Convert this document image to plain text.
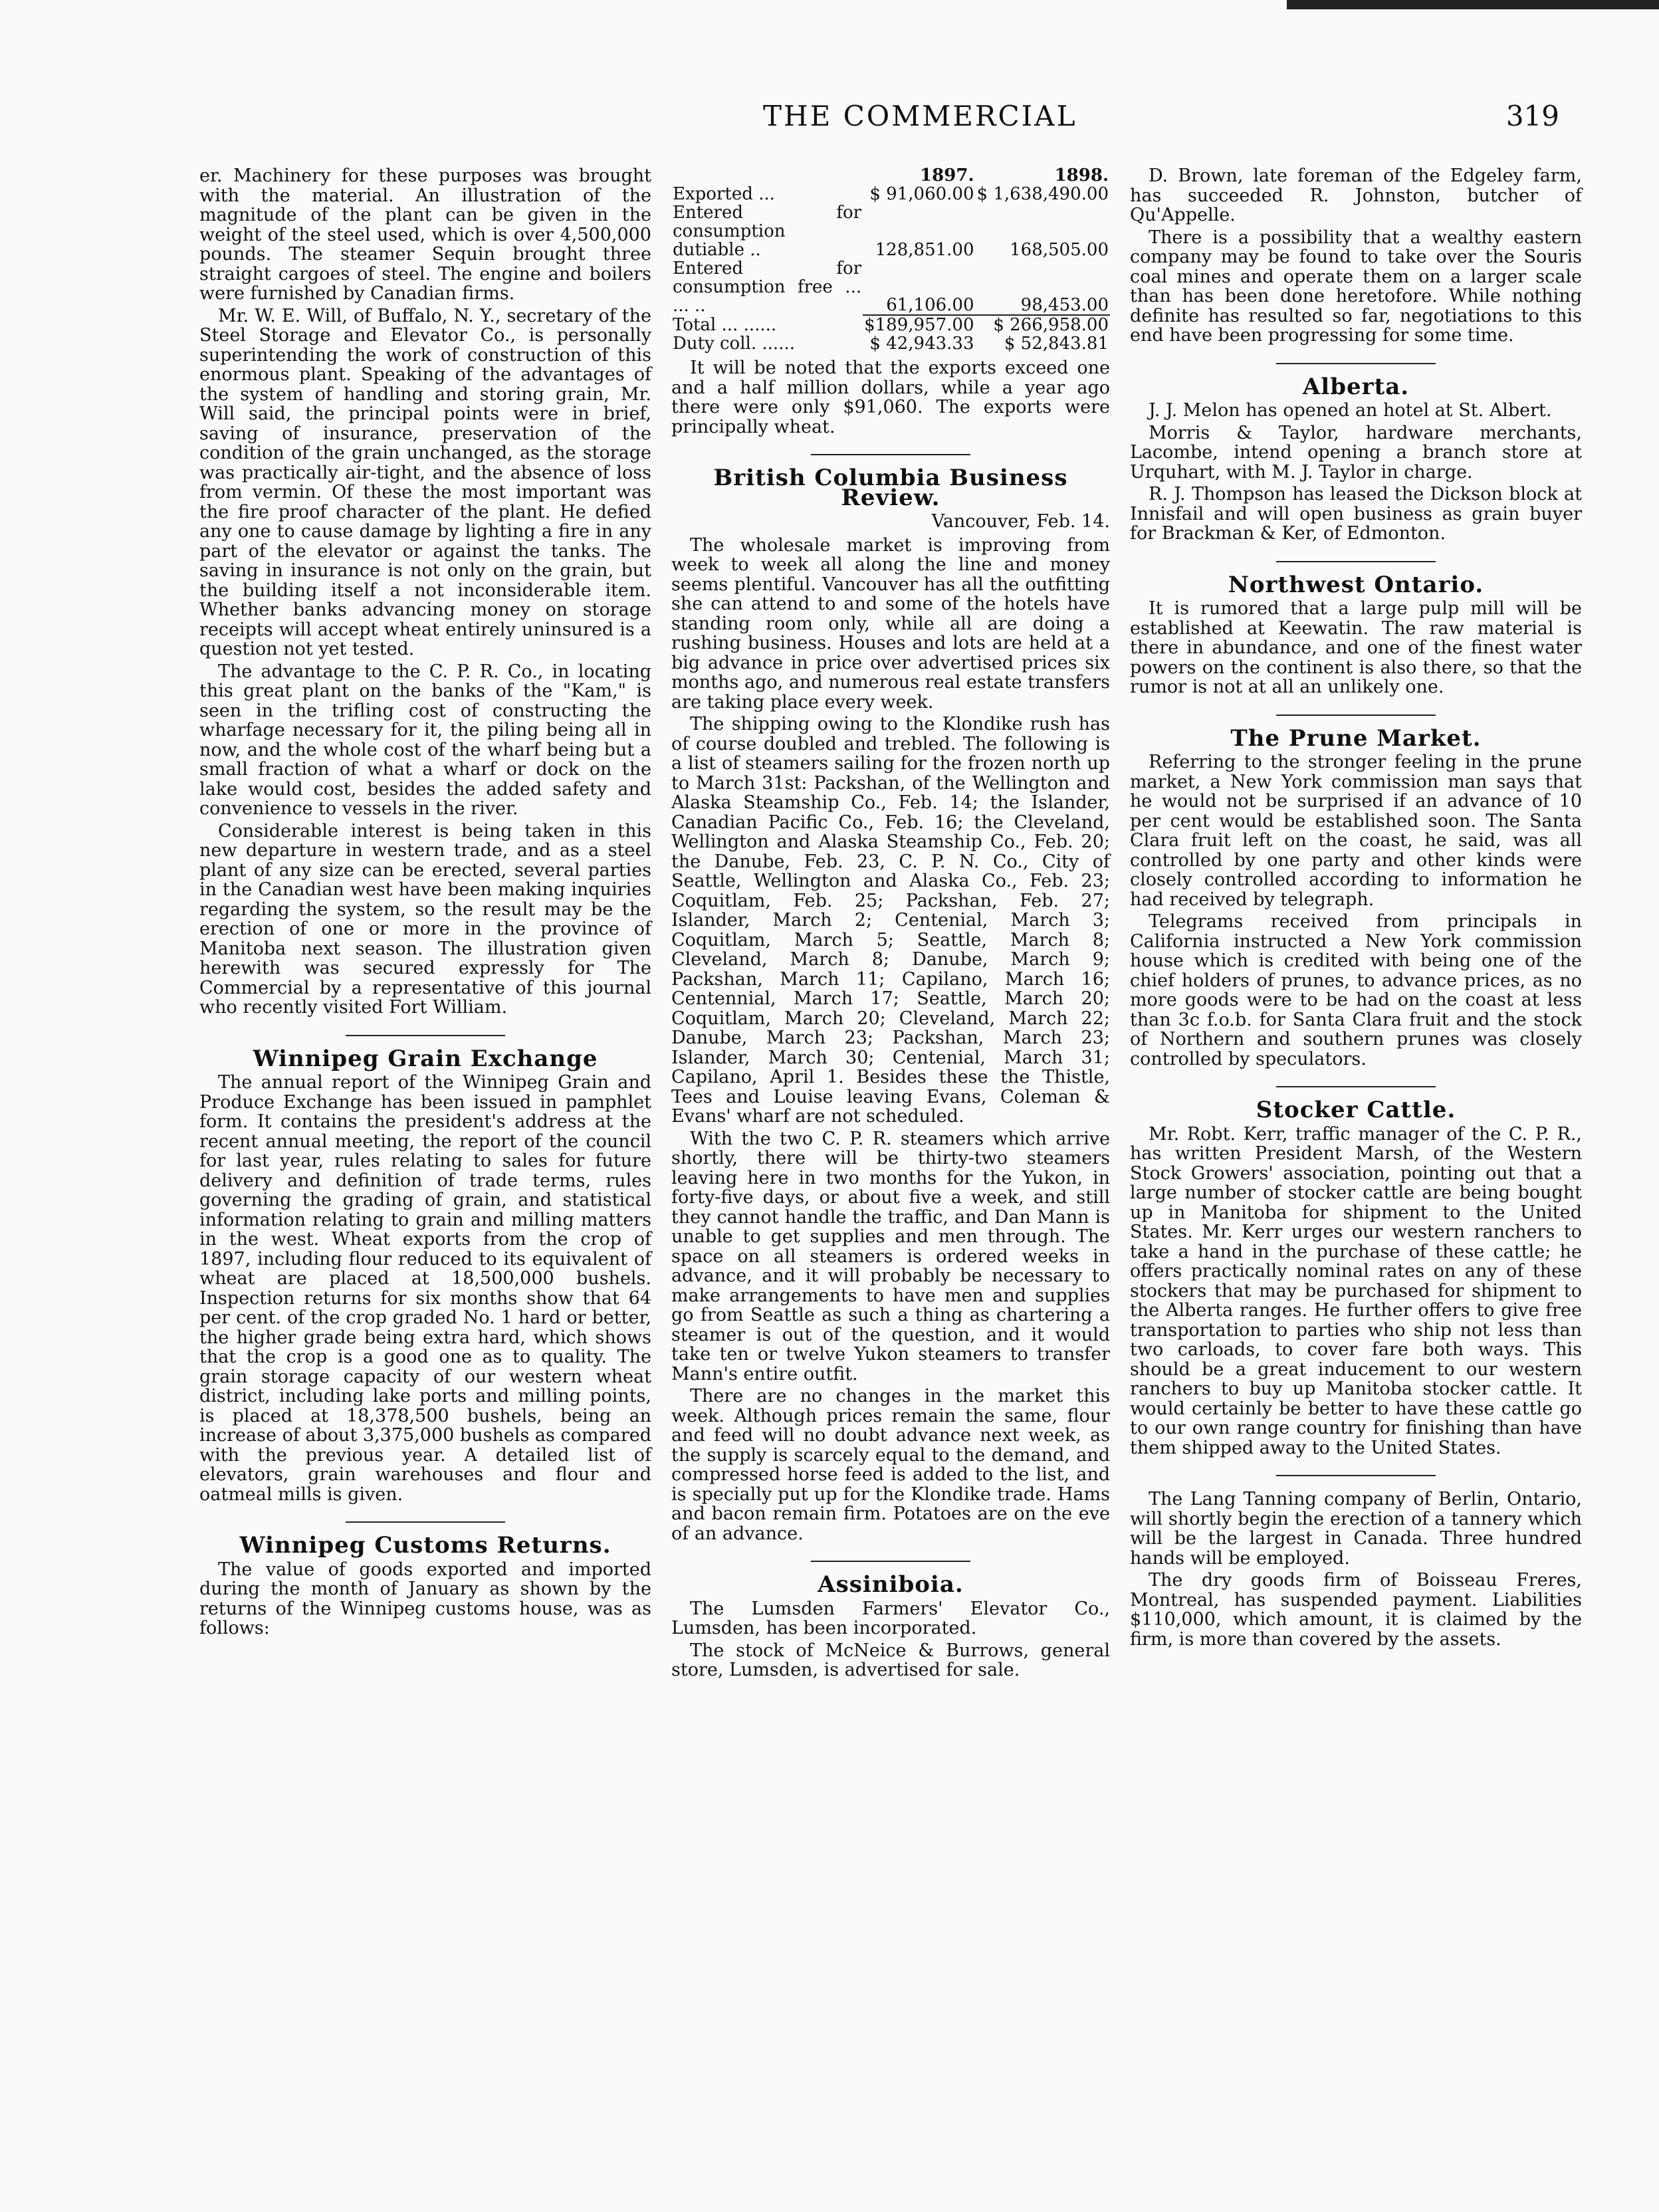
THE COMMERCIAL	319

er. Machinery for these purposes was brought with the material. An illustration of the magnitude of the plant can be given in the weight of the steel used, which is over 4,500,000 pounds. The steamer Sequin brought three straight cargoes of steel. The engine and boilers were furnished by Canadian firms.

Mr. W. E. Will, of Buffalo, N. Y., secretary of the Steel Storage and Elevator Co., is personally superintending the work of construction of this enormous plant. Speaking of the advantages of the system of handling and storing grain, Mr. Will said, the principal points were in brief, saving of insurance, preservation of the condition of the grain unchanged, as the storage was practically air-tight, and the absence of loss from vermin. Of these the most important was the fire proof character of the plant. He defied any one to cause damage by lighting a fire in any part of the elevator or against the tanks. The saving in insurance is not only on the grain, but the building itself a not inconsiderable item. Whether banks advancing money on storage receipts will accept wheat entirely uninsured is a question not yet tested.

The advantage to the C. P. R. Co., in locating this great plant on the banks of the "Kam," is seen in the trifling cost of constructing the wharfage necessary for it, the piling being all in now, and the whole cost of the wharf being but a small fraction of what a wharf or dock on the lake would cost, besides the added safety and convenience to vessels in the river.

Considerable interest is being taken in this new departure in western trade, and as a steel plant of any size can be erected, several parties in the Canadian west have been making inquiries regarding the system, so the result may be the erection of one or more in the province of Manitoba next season. The illustration given herewith was secured expressly for The Commercial by a representative of this journal who recently visited Fort William.

Winnipeg Grain Exchange

The annual report of the Winnipeg Grain and Produce Exchange has been issued in pamphlet form. It contains the president's address at the recent annual meeting, the report of the council for last year, rules relating to sales for future delivery and definition of trade terms, rules governing the grading of grain, and statistical information relating to grain and milling matters in the west. Wheat exports from the crop of 1897, including flour reduced to its equivalent of wheat are placed at 18,500,000 bushels. Inspection returns for six months show that 64 per cent. of the crop graded No. 1 hard or better, the higher grade being extra hard, which shows that the crop is a good one as to quality. The grain storage capacity of our western wheat district, including lake ports and milling points, is placed at 18,378,500 bushels, being an increase of about 3,375,000 bushels as compared with the previous year. A detailed list of elevators, grain warehouses and flour and oatmeal mills is given.

Winnipeg Customs Returns.

The value of goods exported and imported during the month of January as shown by the returns of the Winnipeg customs house, was as follows:

	1897.	1898.
Exported ...	$ 91,060.00	$ 1,638,490.00
Entered for consumption dutiable ..	128,851.00	168,505.00
Entered for consumption free ... ... ..	61,106.00	98,453.00
Total ... ......	$189,957.00	$ 266,958.00
Duty coll. ......	$ 42,943.33	$ 52,843.81

It will be noted that the exports exceed one and a half million dollars, while a year ago there were only $91,060. The exports were principally wheat.

British Columbia Business Review.
Vancouver, Feb. 14.

The wholesale market is improving from week to week all along the line and money seems plentiful. Vancouver has all the outfitting she can attend to and some of the hotels have standing room only, while all are doing a rushing business. Houses and lots are held at a big advance in price over advertised prices six months ago, and numerous real estate transfers are taking place every week.

The shipping owing to the Klondike rush has of course doubled and trebled. The following is a list of steamers sailing for the frozen north up to March 31st: Packshan, of the Wellington and Alaska Steamship Co., Feb. 14; the Islander, Canadian Pacific Co., Feb. 16; the Cleveland, Wellington and Alaska Steamship Co., Feb. 20; the Danube, Feb. 23, C. P. N. Co., City of Seattle, Wellington and Alaska Co., Feb. 23; Coquitlam, Feb. 25; Packshan, Feb. 27; Islander, March 2; Centenial, March 3; Coquitlam, March 5; Seattle, March 8; Cleveland, March 8; Danube, March 9; Packshan, March 11; Capilano, March 16; Centennial, March 17; Seattle, March 20; Coquitlam, March 20; Cleveland, March 22; Danube, March 23; Packshan, March 23; Islander, March 30; Centenial, March 31; Capilano, April 1. Besides these the Thistle, Tees and Louise leaving Evans, Coleman & Evans' wharf are not scheduled.

With the two C. P. R. steamers which arrive shortly, there will be thirty-two steamers leaving here in two months for the Yukon, in forty-five days, or about five a week, and still they cannot handle the traffic, and Dan Mann is unable to get supplies and men through. The space on all steamers is ordered weeks in advance, and it will probably be necessary to make arrangements to have men and supplies go from Seattle as such a thing as chartering a steamer is out of the question, and it would take ten or twelve Yukon steamers to transfer Mann's entire outfit.

There are no changes in the market this week. Although prices remain the same, flour and feed will no doubt advance next week, as the supply is scarcely equal to the demand, and compressed horse feed is added to the list, and is specially put up for the Klondike trade. Hams and bacon remain firm. Potatoes are on the eve of an advance.

Assiniboia.

The Lumsden Farmers' Elevator Co., Lumsden, has been incorporated.

The stock of McNeice & Burrows, general store, Lumsden, is advertised for sale.

D. Brown, late foreman of the Edgeley farm, has succeeded R. Johnston, butcher of Qu'Appelle.

There is a possibility that a wealthy eastern company may be found to take over the Souris coal mines and operate them on a larger scale than has been done heretofore. While nothing definite has resulted so far, negotiations to this end have been progressing for some time.

Alberta.

J. J. Melon has opened an hotel at St. Albert.

Morris & Taylor, hardware merchants, Lacombe, intend opening a branch store at Urquhart, with M. J. Taylor in charge.

R. J. Thompson has leased the Dickson block at Innisfail and will open business as grain buyer for Brackman & Ker, of Edmonton.

Northwest Ontario.

It is rumored that a large pulp mill will be established at Keewatin. The raw material is there in abundance, and one of the finest water powers on the continent is also there, so that the rumor is not at all an unlikely one.

The Prune Market.

Referring to the stronger feeling in the prune market, a New York commission man says that he would not be surprised if an advance of 10 per cent would be established soon. The Santa Clara fruit left on the coast, he said, was all controlled by one party and other kinds were closely controlled according to information he had received by telegraph.

Telegrams received from principals in California instructed a New York commission house which is credited with being one of the chief holders of prunes, to advance prices, as no more goods were to be had on the coast at less than 3c f.o.b. for Santa Clara fruit and the stock of Northern and southern prunes was closely controlled by speculators.

Stocker Cattle.

Mr. Robt. Kerr, traffic manager of the C. P. R., has written President Marsh, of the Western Stock Growers' association, pointing out that a large number of stocker cattle are being bought up in Manitoba for shipment to the United States. Mr. Kerr urges our western ranchers to take a hand in the purchase of these cattle; he offers practically nominal rates on any of these stockers that may be purchased for shipment to the Alberta ranges. He further offers to give free transportation to parties who ship not less than two carloads, to cover fare both ways. This should be a great inducement to our western ranchers to buy up Manitoba stocker cattle. It would certainly be better to have these cattle go to our own range country for finishing than have them shipped away to the United States.

The Lang Tanning company of Berlin, Ontario, will shortly begin the erection of a tannery which will be the largest in Canada. Three hundred hands will be employed.

The dry goods firm of Boisseau Freres, Montreal, has suspended payment. Liabilities $110,000, which amount, it is claimed by the firm, is more than covered by the assets.
